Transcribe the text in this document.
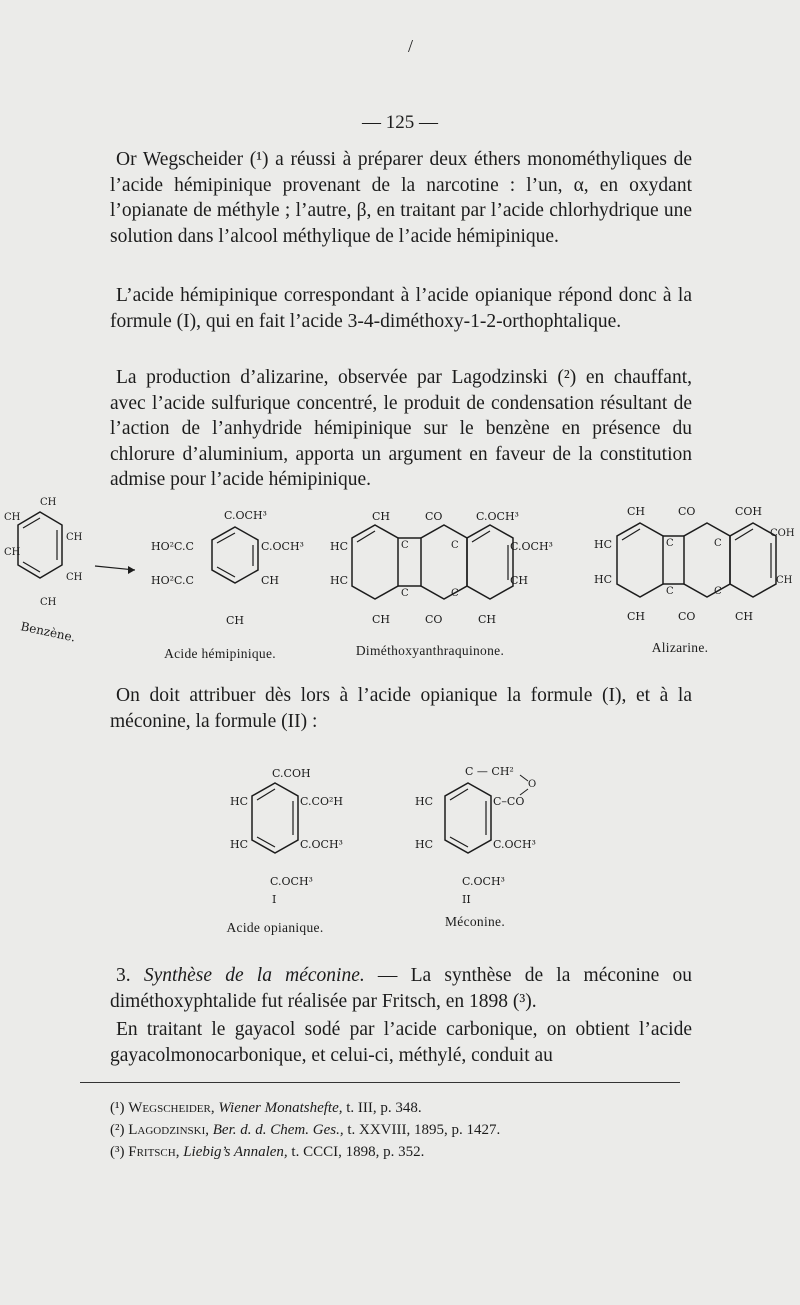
/
— 125 —
Or Wegscheider (¹) a réussi à préparer deux éthers monométhyliques de l’acide hémipinique provenant de la narcotine : l’un, α, en oxydant l’opianate de méthyle ; l’autre, β, en traitant par l’acide chlorhydrique une solution dans l’alcool méthylique de l’acide hémipinique.
L’acide hémipinique correspondant à l’acide opianique répond donc à la formule (I), qui en fait l’acide 3-4-diméthoxy-1-2-orthophtalique.
La production d’alizarine, observée par Lagodzinski (²) en chauffant, avec l’acide sulfurique concentré, le produit de condensation résultant de l’action de l’anhydride hémipinique sur le benzène en présence du chlorure d’aluminium, apporta un argument en faveur de la constitution admise pour l’acide hémipinique.
CH
CH
CH
CH
CH
CH
Benzène.
C.OCH³
HO²C.C	C.OCH³
HO²C.C	CH
CH
CH	CO	C.OCH³
HC	C	C	C.OCH³
HC
C	C
CH
CH	CO	CH
CH	CO	COH
HC	C	C
COH
HC
C	C
CH
CH	CO	CH
Acide hémipinique.	Diméthoxyanthraquinone.	Alizarine.
On doit attribuer dès lors à l’acide opianique la formule (I), et à la méconine, la formule (II) :
C.COH
HC	C.CO²H
HC	C.OCH³
C.OCH³
I
C — CH²
O
HC	C–CO
HC	C.OCH³
C.OCH³
II
Acide opianique.	Méconine.
3. Synthèse de la méconine. — La synthèse de la méconine ou diméthoxyphtalide fut réalisée par Fritsch, en 1898 (³).
En traitant le gayacol sodé par l’acide carbonique, on obtient l’acide gayacolmonocarbonique, et celui-ci, méthylé, conduit au
(¹) Wegscheider, Wiener Monatshefte, t. III, p. 348.
(²) Lagodzinski, Ber. d. d. Chem. Ges., t. XXVIII, 1895, p. 1427.
(³) Fritsch, Liebig’s Annalen, t. CCCI, 1898, p. 352.
